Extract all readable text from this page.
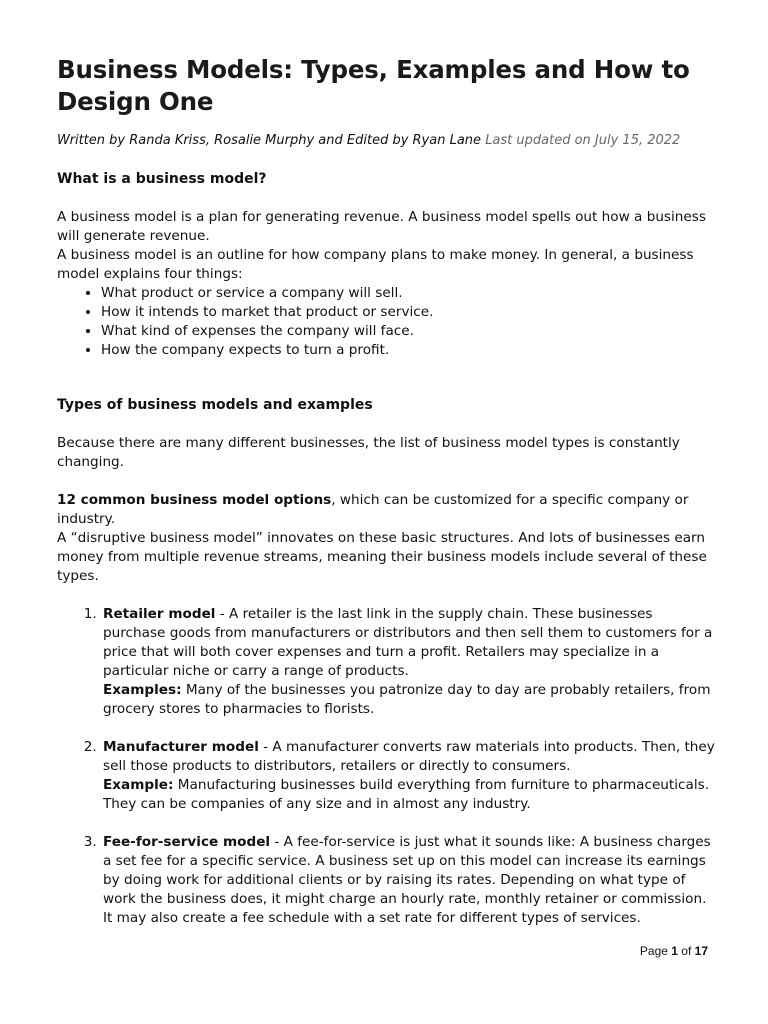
Business Models: Types, Examples and How to Design One
Written by Randa Kriss, Rosalie Murphy and Edited by Ryan Lane Last updated on July 15, 2022
What is a business model?

A business model is a plan for generating revenue. A business model spells out how a business will generate revenue.

A business model is an outline for how company plans to make money. In general, a business model explains four things:

• What product or service a company will sell.
• How it intends to market that product or service.
• What kind of expenses the company will face.
• How the company expects to turn a profit.
Types of business models and examples

Because there are many different businesses, the list of business model types is constantly changing.

12 common business model options, which can be customized for a specific company or industry.

A “disruptive business model” innovates on these basic structures. And lots of businesses earn money from multiple revenue streams, meaning their business models include several of these types.

1. Retailer model - A retailer is the last link in the supply chain. These businesses purchase goods from manufacturers or distributors and then sell them to customers for a price that will both cover expenses and turn a profit. Retailers may specialize in a particular niche or carry a range of products.
Examples: Many of the businesses you patronize day to day are probably retailers, from grocery stores to pharmacies to florists.
2. Manufacturer model - A manufacturer converts raw materials into products. Then, they sell those products to distributors, retailers or directly to consumers.
Example: Manufacturing businesses build everything from furniture to pharmaceuticals. They can be companies of any size and in almost any industry.
3. Fee-for-service model - A fee-for-service is just what it sounds like: A business charges a set fee for a specific service. A business set up on this model can increase its earnings by doing work for additional clients or by raising its rates. Depending on what type of work the business does, it might charge an hourly rate, monthly retainer or commission. It may also create a fee schedule with a set rate for different types of services.
Page 1 of 17
